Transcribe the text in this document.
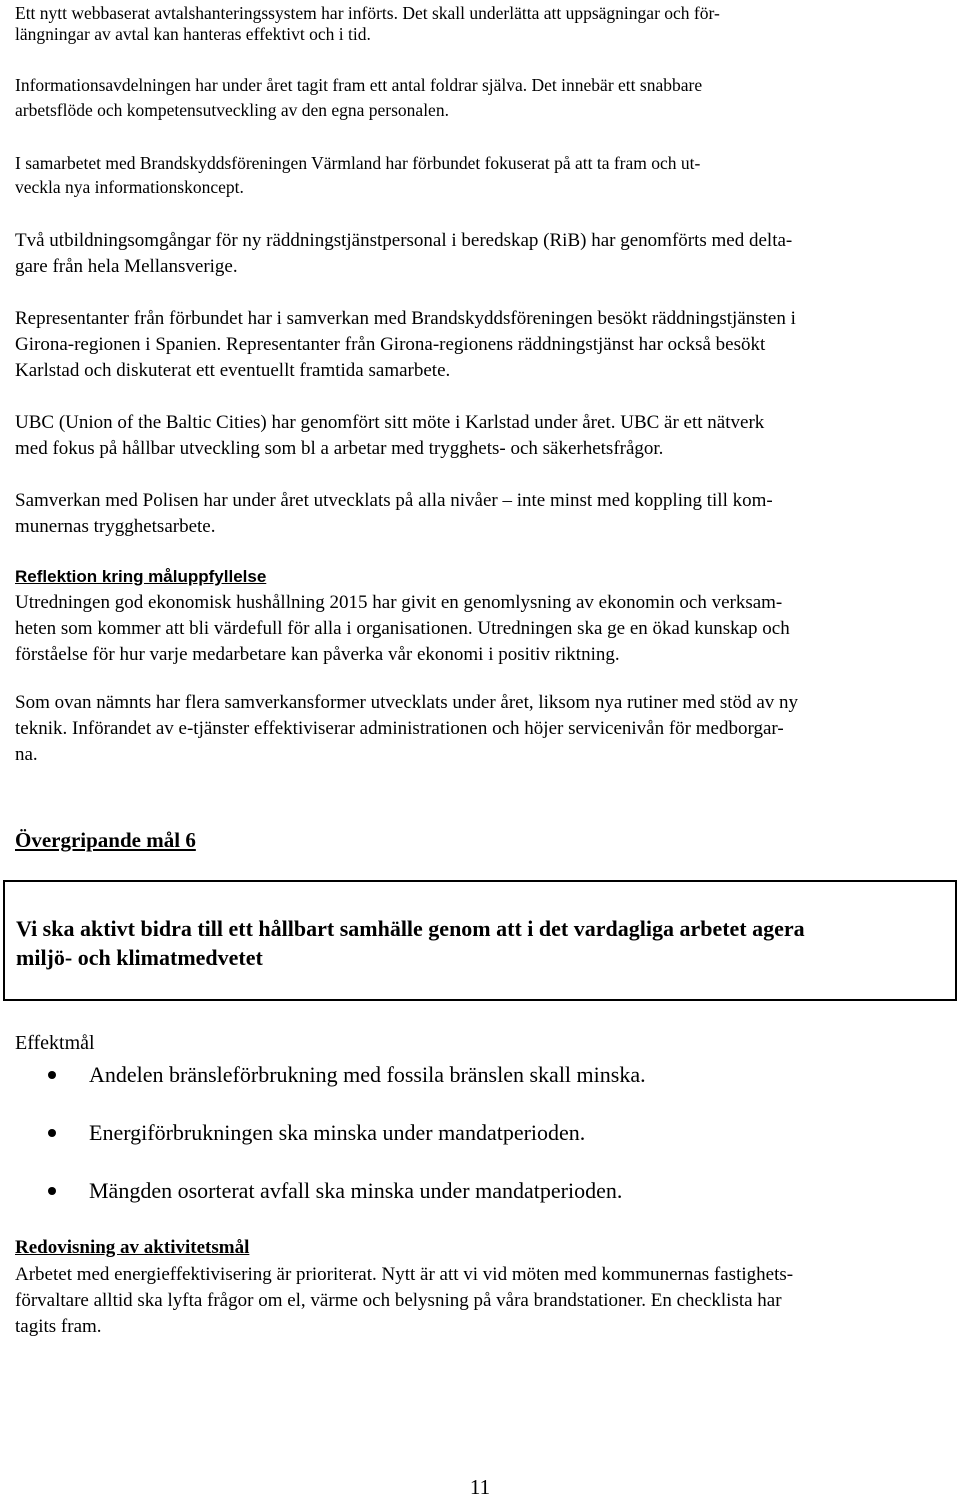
Ett nytt webbaserat avtalshanteringssystem har införts. Det skall underlätta att uppsägningar och för-
längningar av avtal kan hanteras effektivt och i tid.
Informationsavdelningen har under året tagit fram ett antal foldrar själva. Det innebär ett snabbare
arbetsflöde och kompetensutveckling av den egna personalen.
I samarbetet med Brandskyddsföreningen Värmland har förbundet fokuserat på att ta fram och ut-
veckla nya informationskoncept.
Två utbildningsomgångar för ny räddningstjänstpersonal i beredskap (RiB) har genomförts med delta-
gare från hela Mellansverige.
Representanter från förbundet har i samverkan med Brandskyddsföreningen besökt räddningstjänsten i
Girona-regionen i Spanien. Representanter från Girona-regionens räddningstjänst har också besökt
Karlstad och diskuterat ett eventuellt framtida samarbete.
UBC (Union of the Baltic Cities) har genomfört sitt möte i Karlstad under året. UBC är ett nätverk
med fokus på hållbar utveckling som bl a arbetar med trygghets- och säkerhetsfrågor.
Samverkan med Polisen har under året utvecklats på alla nivåer – inte minst med koppling till kom-
munernas trygghetsarbete.
Reflektion kring måluppfyllelse
Utredningen god ekonomisk hushållning 2015 har givit en genomlysning av ekonomin och verksam-
heten som kommer att bli värdefull för alla i organisationen. Utredningen ska ge en ökad kunskap och
förståelse för hur varje medarbetare kan påverka vår ekonomi i positiv riktning.
Som ovan nämnts har flera samverkansformer utvecklats under året, liksom nya rutiner med stöd av ny
teknik. Införandet av e-tjänster effektiviserar administrationen och höjer servicenivån för medborgar-
na.
Övergripande mål 6
Vi ska aktivt bidra till ett hållbart samhälle genom att i det vardagliga arbetet agera
miljö- och klimatmedvetet
Effektmål
Andelen bränsleförbrukning med fossila bränslen skall minska.
Energiförbrukningen ska minska under mandatperioden.
Mängden osorterat avfall ska minska under mandatperioden.
Redovisning av aktivitetsmål
Arbetet med energieffektivisering är prioriterat. Nytt är att vi vid möten med kommunernas fastighets-
förvaltare alltid ska lyfta frågor om el, värme och belysning på våra brandstationer. En checklista har
tagits fram.
11
